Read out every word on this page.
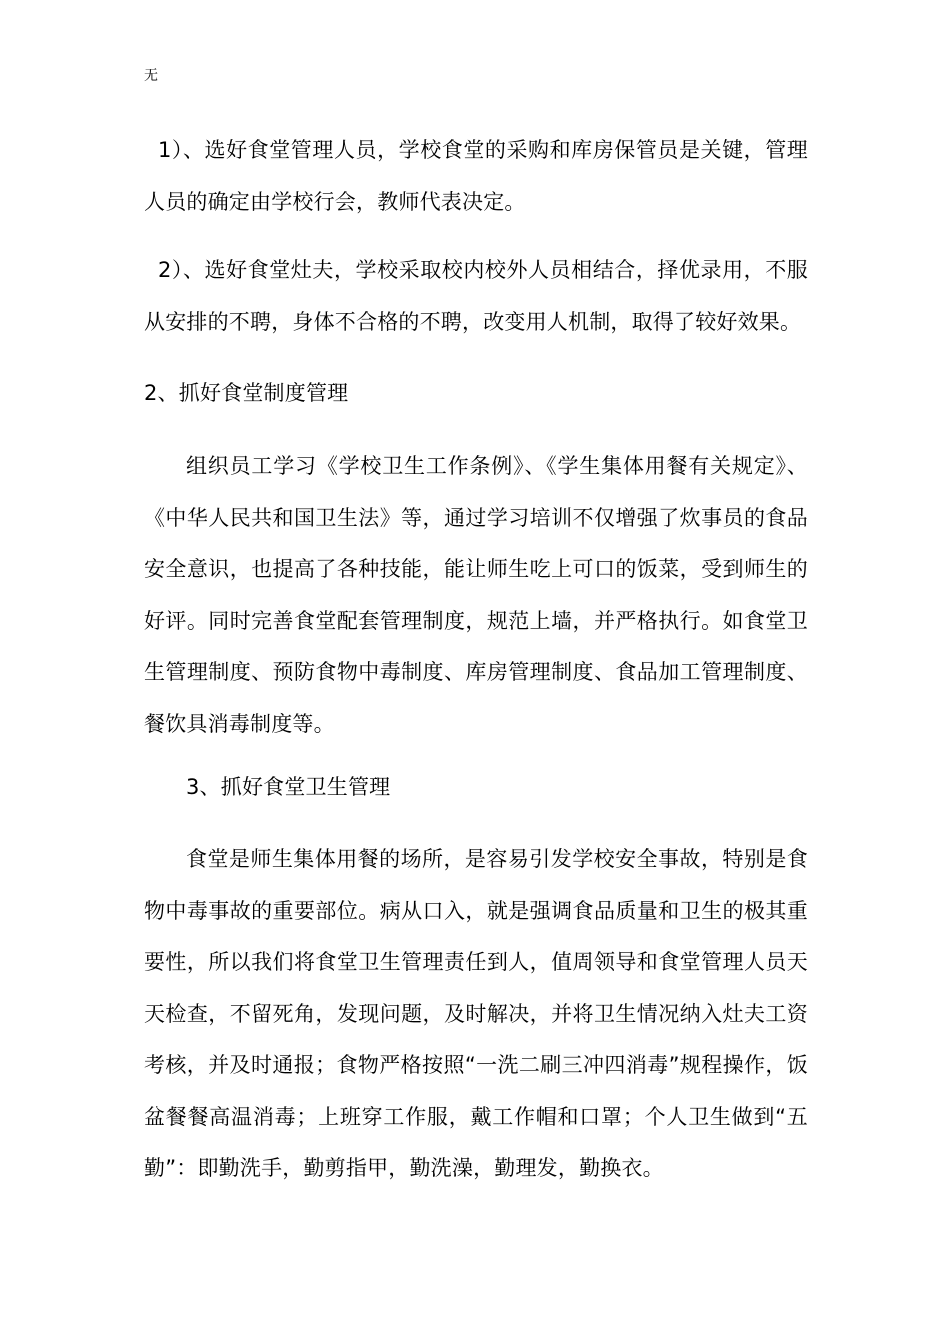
无

1）、选好食堂管理人员，学校食堂的采购和库房保管员是关键，管理人员的确定由学校行会，教师代表决定。

2）、选好食堂灶夫，学校采取校内校外人员相结合，择优录用，不服从安排的不聘，身体不合格的不聘，改变用人机制，取得了较好效果。

2、抓好食堂制度管理

组织员工学习《学校卫生工作条例》、《学生集体用餐有关规定》、《中华人民共和国卫生法》等，通过学习培训不仅增强了炊事员的食品安全意识，也提高了各种技能，能让师生吃上可口的饭菜，受到师生的好评。同时完善食堂配套管理制度，规范上墙，并严格执行。如食堂卫生管理制度、预防食物中毒制度、库房管理制度、食品加工管理制度、餐饮具消毒制度等。

3、抓好食堂卫生管理

食堂是师生集体用餐的场所，是容易引发学校安全事故，特别是食物中毒事故的重要部位。病从口入，就是强调食品质量和卫生的极其重要性，所以我们将食堂卫生管理责任到人，值周领导和食堂管理人员天天检查，不留死角，发现问题，及时解决，并将卫生情况纳入灶夫工资考核，并及时通报；食物严格按照“一洗二刷三冲四消毒”规程操作，饭盆餐餐高温消毒；上班穿工作服，戴工作帽和口罩；个人卫生做到“五勤”：即勤洗手，勤剪指甲，勤洗澡，勤理发，勤换衣。
